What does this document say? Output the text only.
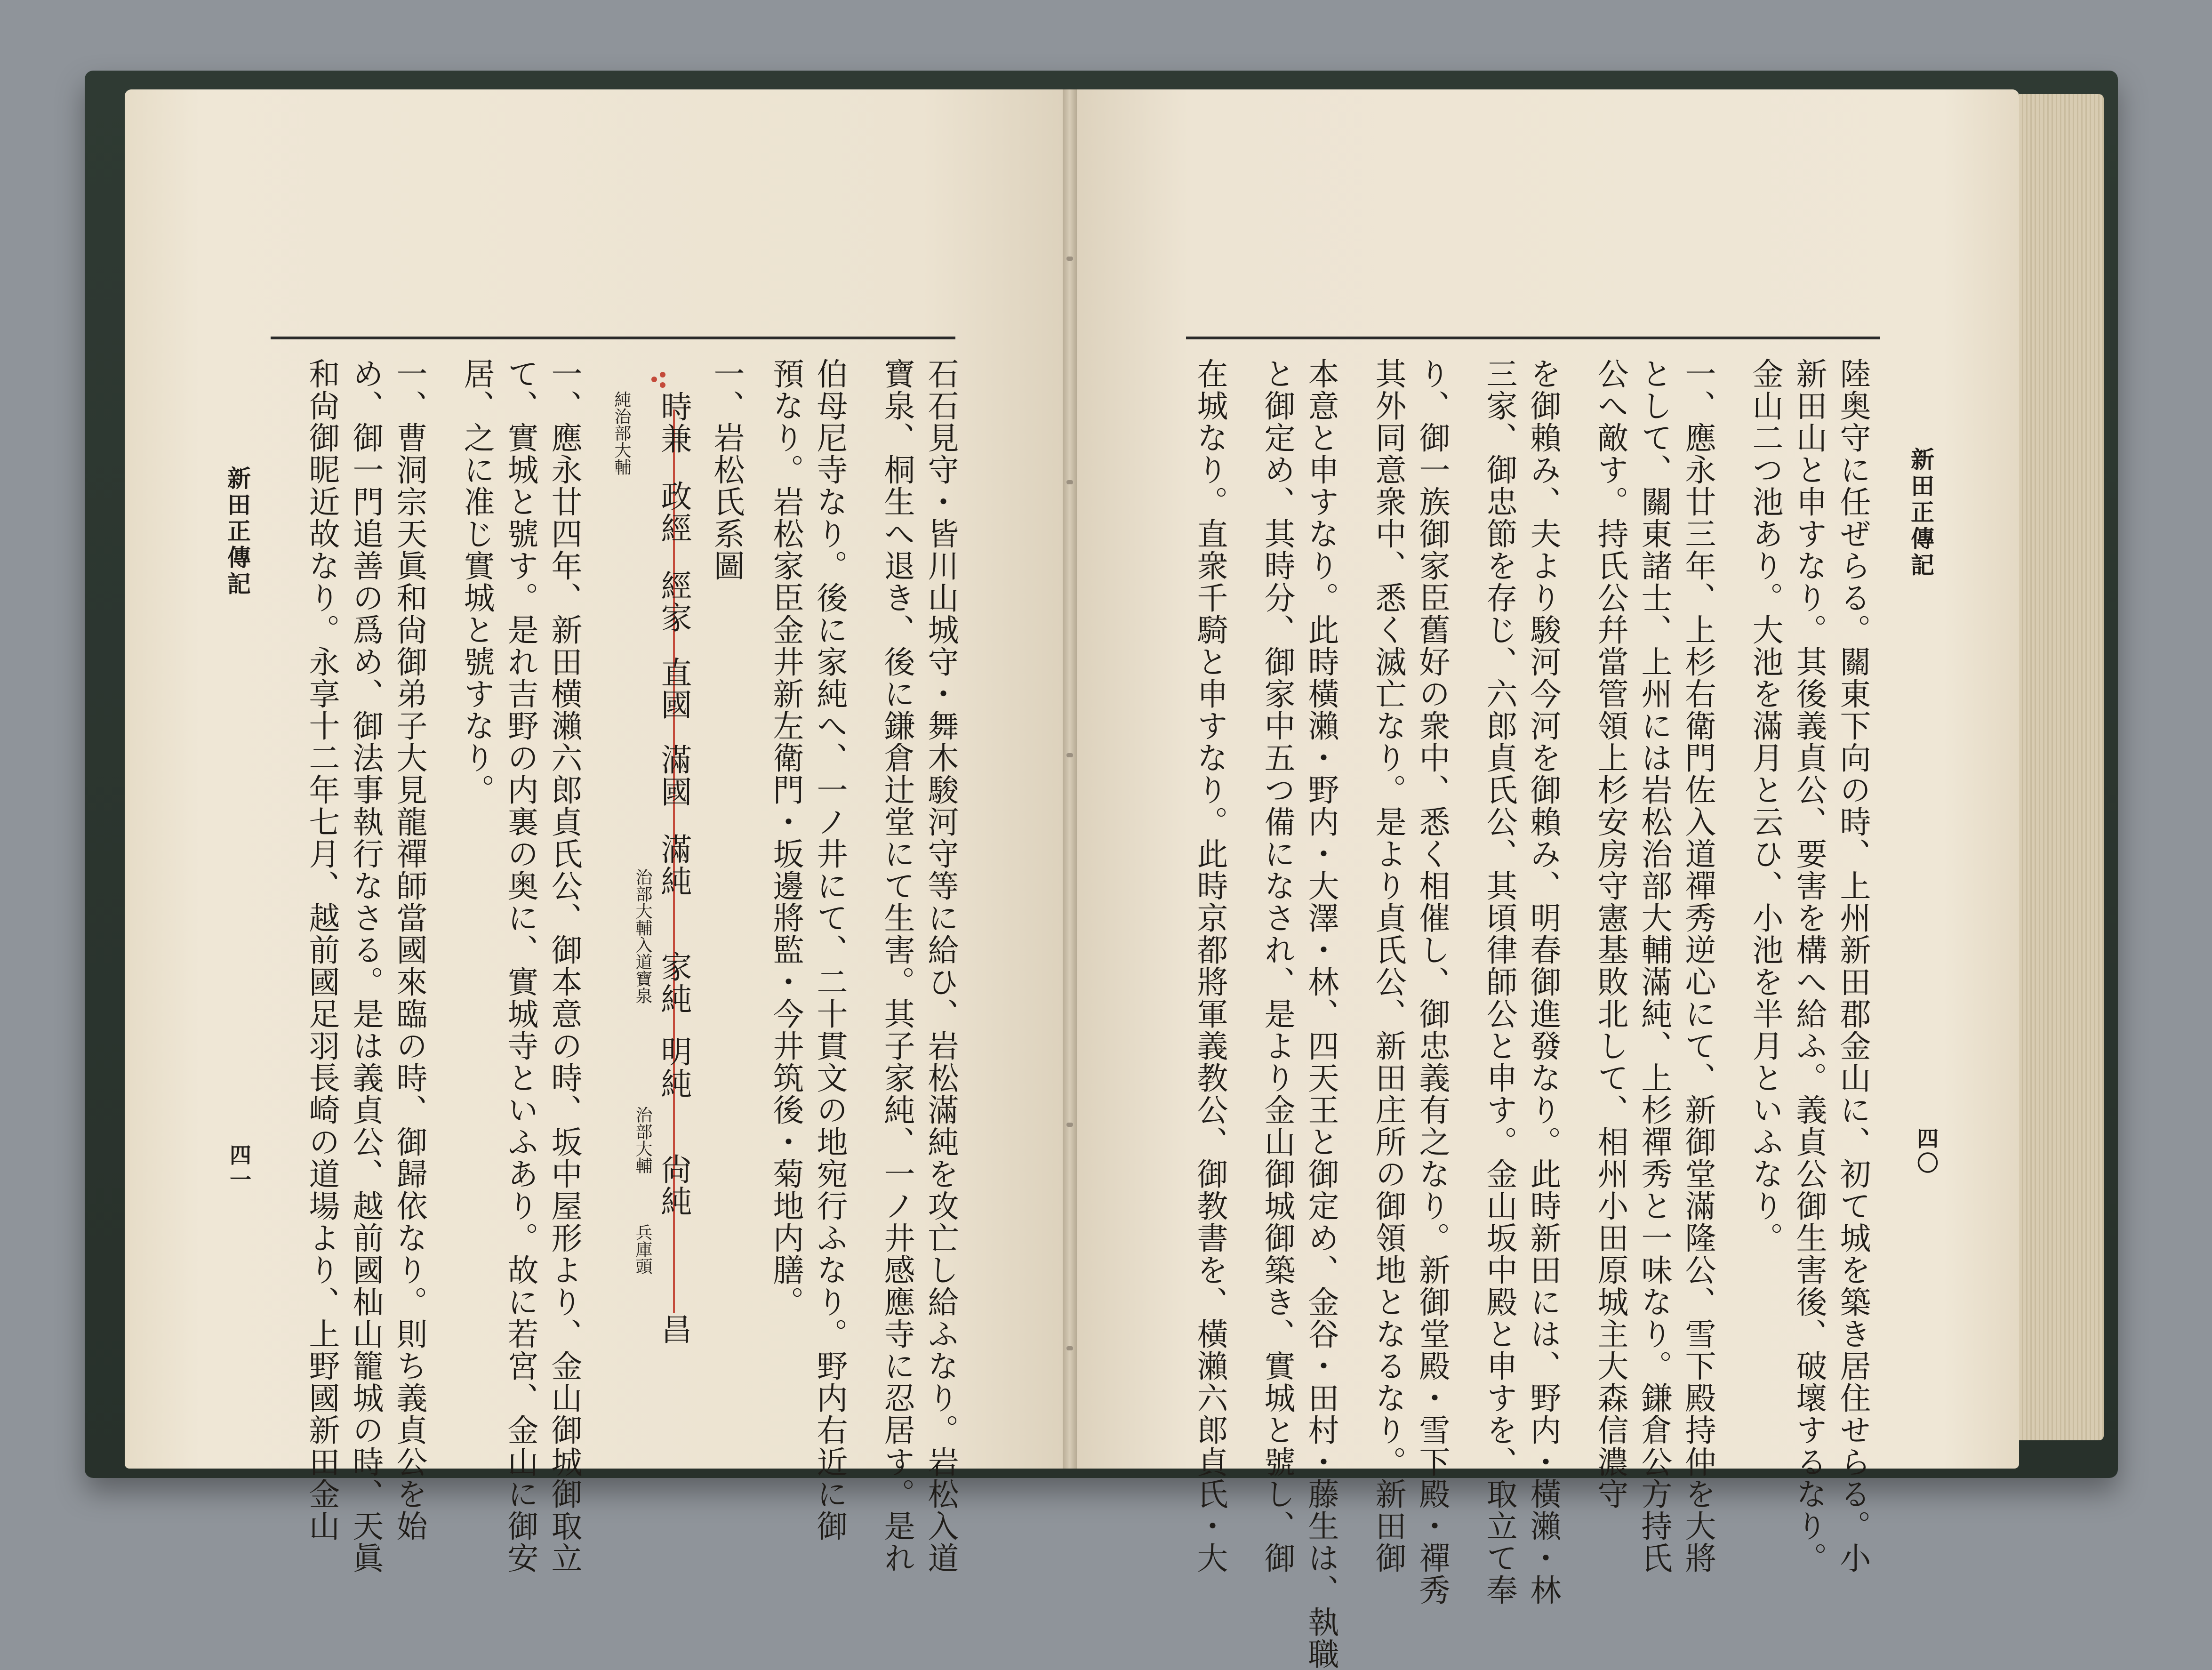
新田正傳記
四〇
陸奥守に任ぜらる。關東下向の時、上州新田郡金山に、初て城を築き居住せらる。小
新田山と申すなり。其後義貞公、要害を構へ給ふ。義貞公御生害後、破壞するなり。
金山二つ池あり。大池を滿月と云ひ、小池を半月といふなり。
一、應永廿三年、上杉右衛門佐入道禪秀逆心にて、新御堂滿隆公、雪下殿持仲を大將
として、關東諸士、上州には岩松治部大輔滿純、上杉禪秀と一味なり。鎌倉公方持氏
公へ敵す。持氏公幷當管領上杉安房守憲基敗北して、相州小田原城主大森信濃守
を御賴み、夫より駿河今河を御賴み、明春御進發なり。此時新田には、野内・橫瀨・林
三家、御忠節を存じ、六郎貞氏公、其頃律師公と申す。金山坂中殿と申すを、取立て奉
り、御一族御家臣舊好の衆中、悉く相催し、御忠義有之なり。新御堂殿・雪下殿・禪秀
其外同意衆中、悉く滅亡なり。是より貞氏公、新田庄所の御領地となるなり。新田御
本意と申すなり。此時橫瀨・野内・大澤・林、四天王と御定め、金谷・田村・藤生は、執職
と御定め、其時分、御家中五つ備になされ、是より金山御城御築き、實城と號し、御
在城なり。直衆千騎と申すなり。此時京都將軍義教公、御教書を、橫瀨六郎貞氏・大
石石見守・皆川山城守・舞木駿河守等に給ひ、岩松滿純を攻亡し給ふなり。岩松入道
寶泉、桐生へ退き、後に鎌倉辻堂にて生害。其子家純、一ノ井感應寺に忍居す。是れ
伯母尼寺なり。後に家純へ、一ノ井にて、二十貫文の地宛行ふなり。野内右近に御
預なり。岩松家臣金井新左衛門・坂邊將監・今井筑後・菊地内膳。
一、岩松氏系圖
時兼
政經
經家
直國
滿國
滿純
家純
明純
尙純
昌
純治部大輔
治部大輔入道寶泉
治部大輔
兵庫頭
一、應永廿四年、新田横瀨六郎貞氏公、御本意の時、坂中屋形より、金山御城御取立
て、實城と號す。是れ吉野の内裏の奥に、實城寺といふあり。故に若宮、金山に御安
居、之に准じ實城と號すなり。
一、曹洞宗天眞和尙御弟子大見龍禪師當國來臨の時、御歸依なり。則ち義貞公を始
め、御一門追善の爲め、御法事執行なさる。是は義貞公、越前國杣山籠城の時、天眞
和尙御昵近故なり。永享十二年七月、越前國足羽長崎の道場より、上野國新田金山
新田正傳記
四一
